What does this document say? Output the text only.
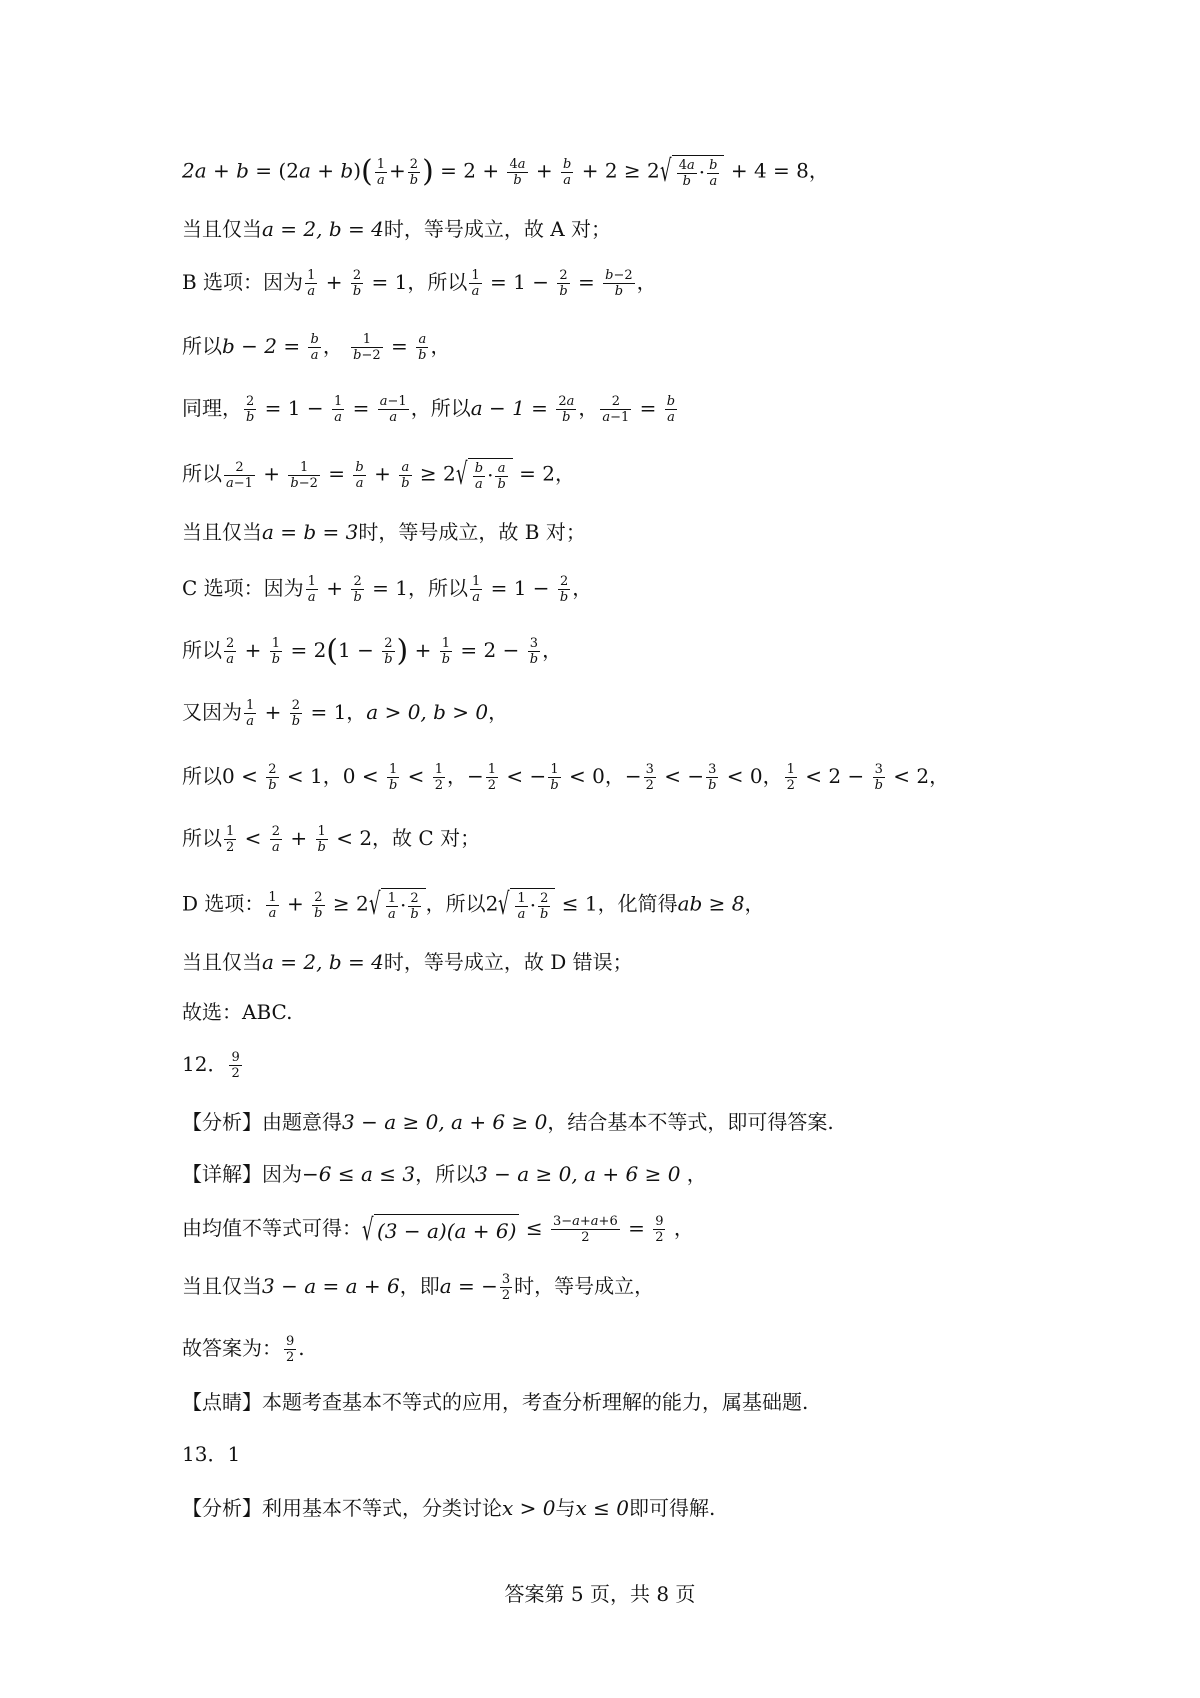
$2a + b = (2a + b)( \frac{1}{a} + \frac{2}{b}$ ) = $2 + \frac{4a}{b} + \frac{b}{a} + 2 \ge 2$ √ $\frac{4a}{b} \cdot \frac{b}{a} + 4 = 8$，
当且仅当a = 2, b = 4时，等号成立，故 A 对；
B 选项：因为 $\frac{1}{a} + \frac{2}{b} = 1$，所以 $\frac{1}{a} = 1 - \frac{2}{b} = \frac{b-2}{b}$ ，
所以$b - 2 = \frac{b}{a}$ ， $\frac{1}{b-2} = \frac{a}{b}$ ，
同理， $\frac{2}{b} = 1 - \frac{1}{a} = \frac{a-1}{a}$ ，所以$a - 1 = \frac{2a}{b}$ ， $\frac{2}{a-1} = \frac{b}{a}$
所以 $\frac{2}{a-1} + \frac{1}{b-2} = \frac{b}{a} + \frac{a}{b} \ge 2$ √ $\frac{b}{a} \cdot \frac{a}{b} = 2$，
当且仅当a = b = 3时，等号成立，故 B 对；
C 选项：因为 $\frac{1}{a} + \frac{2}{b} = 1$，所以 $\frac{1}{a} = 1 - \frac{2}{b}$ ，
所以 $\frac{2}{a} + \frac{1}{b} = 2(1 - \frac{2}{b}$ ) + $\frac{1}{b} = 2 - \frac{3}{b}$ ，
又因为 $\frac{1}{a} + \frac{2}{b} = 1$，a > 0, b > 0，
所以$0 < \frac{2}{b} < 1$，$0 < \frac{1}{b} < \frac{1}{2}$ ，− $\frac{1}{2}$ < − $\frac{1}{b} < 0$，− $\frac{3}{2}$ < − $\frac{3}{b} < 0$， $\frac{1}{2} < 2 - \frac{3}{b} < 2$，
所以 $\frac{1}{2} < \frac{2}{a} + \frac{1}{b} < 2$，故 C 对；
D 选项： $\frac{1}{a} + \frac{2}{b} \ge 2$ √ $\frac{1}{a} \cdot \frac{2}{b}$ ，所以2 √ $\frac{1}{a} \cdot \frac{2}{b} \le 1$，化简得ab ≥ 8，
当且仅当a = 2, b = 4时，等号成立，故 D 错误；
故选：ABC.
12． $\frac{9}{2}$
【分析】由题意得3 − a ≥ 0, a + 6 ≥ 0，结合基本不等式，即可得答案.
【详解】因为−6 ≤ a ≤ 3，所以3 − a ≥ 0, a + 6 ≥ 0 ，
由均值不等式可得： √ $(3 - a)(a + 6) \le \frac{3-a+a+6}{2} = \frac{9}{2}$ ，
当且仅当3 − a = a + 6，即a = − $\frac{3}{2}$ 时，等号成立，
故答案为： $\frac{9}{2}$ .
【点睛】本题考查基本不等式的应用，考查分析理解的能力，属基础题.
13．1
【分析】利用基本不等式，分类讨论x > 0与x ≤ 0即可得解.
答案第 5 页，共 8 页
